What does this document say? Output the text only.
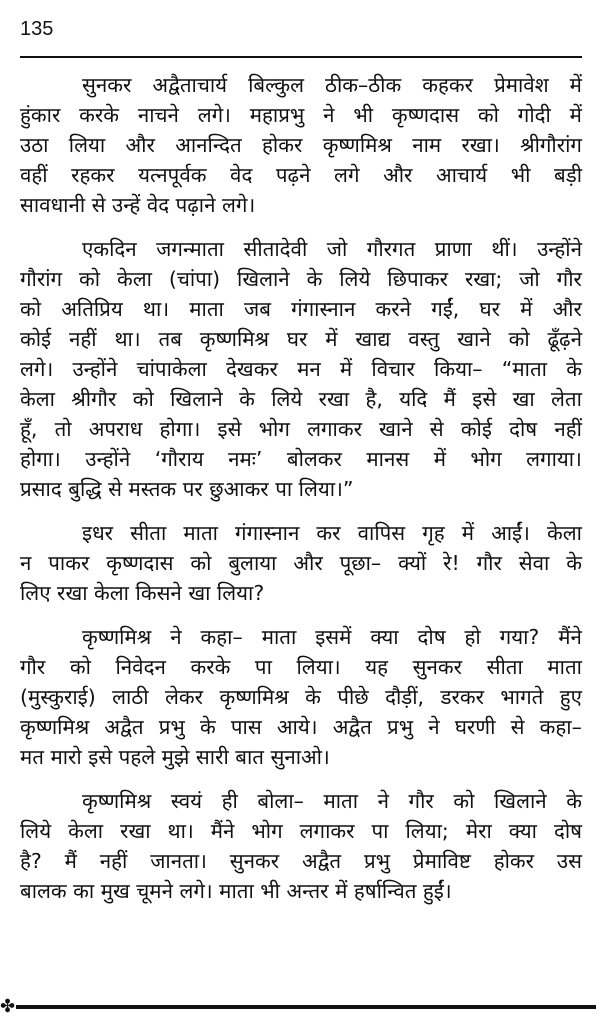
135
सुनकर अद्वैताचार्य बिल्कुल ठीक–ठीक कहकर प्रेमावेश में
हुंकार करके नाचने लगे। महाप्रभु ने भी कृष्णदास को गोदी में
उठा लिया और आनन्दित होकर कृष्णमिश्र नाम रखा। श्रीगौरांग
वहीं रहकर यत्नपूर्वक वेद पढ़ने लगे और आचार्य भी बड़ी
सावधानी से उन्हें वेद पढ़ाने लगे।
एकदिन जगन्माता सीतादेवी जो गौरगत प्राणा थीं। उन्होंने
गौरांग को केला (चांपा) खिलाने के लिये छिपाकर रखा; जो गौर
को अतिप्रिय था। माता जब गंगास्नान करने गईं, घर में और
कोई नहीं था। तब कृष्णमिश्र घर में खाद्य वस्तु खाने को ढूँढ़ने
लगे। उन्होंने चांपाकेला देखकर मन में विचार किया– “माता के
केला श्रीगौर को खिलाने के लिये रखा है, यदि मैं इसे खा लेता
हूँ, तो अपराध होगा। इसे भोग लगाकर खाने से कोई दोष नहीं
होगा। उन्होंने ‘गौराय नमः’ बोलकर मानस में भोग लगाया।
प्रसाद बुद्धि से मस्तक पर छुआकर पा लिया।”
इधर सीता माता गंगास्नान कर वापिस गृह में आईं। केला
न पाकर कृष्णदास को बुलाया और पूछा– क्यों रे! गौर सेवा के
लिए रखा केला किसने खा लिया?
कृष्णमिश्र ने कहा– माता इसमें क्या दोष हो गया? मैंने
गौर को निवेदन करके पा लिया। यह सुनकर सीता माता
(मुस्कुराई) लाठी लेकर कृष्णमिश्र के पीछे दौड़ीं, डरकर भागते हुए
कृष्णमिश्र अद्वैत प्रभु के पास आये। अद्वैत प्रभु ने घरणी से कहा–
मत मारो इसे पहले मुझे सारी बात सुनाओ।
कृष्णमिश्र स्वयं ही बोला– माता ने गौर को खिलाने के
लिये केला रखा था। मैंने भोग लगाकर पा लिया; मेरा क्या दोष
है? मैं नहीं जानता। सुनकर अद्वैत प्रभु प्रेमाविष्ट होकर उस
बालक का मुख चूमने लगे। माता भी अन्तर में हर्षान्वित हुईं।
✤
